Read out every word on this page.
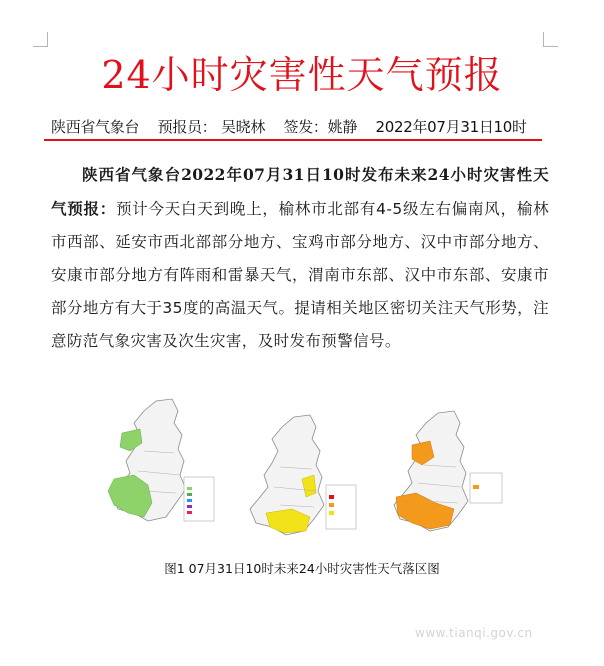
24小时灾害性天气预报
陕西省气象台 预报员： 吴晓林 签发：姚静 2022年07月31日10时
陕西省气象台2022年07月31日10时发布未来24小时灾害性天气预报：预计今天白天到晚上，榆林市北部有4-5级左右偏南风，榆林市西部、延安市西北部部分地方、宝鸡市部分地方、汉中市部分地方、安康市部分地方有阵雨和雷暴天气，渭南市东部、汉中市东部、安康市部分地方有大于35度的高温天气。提请相关地区密切关注天气形势，注意防范气象灾害及次生灾害，及时发布预警信号。
图1 07月31日10时未来24小时灾害性天气落区图
www.tianqi.gov.cn
